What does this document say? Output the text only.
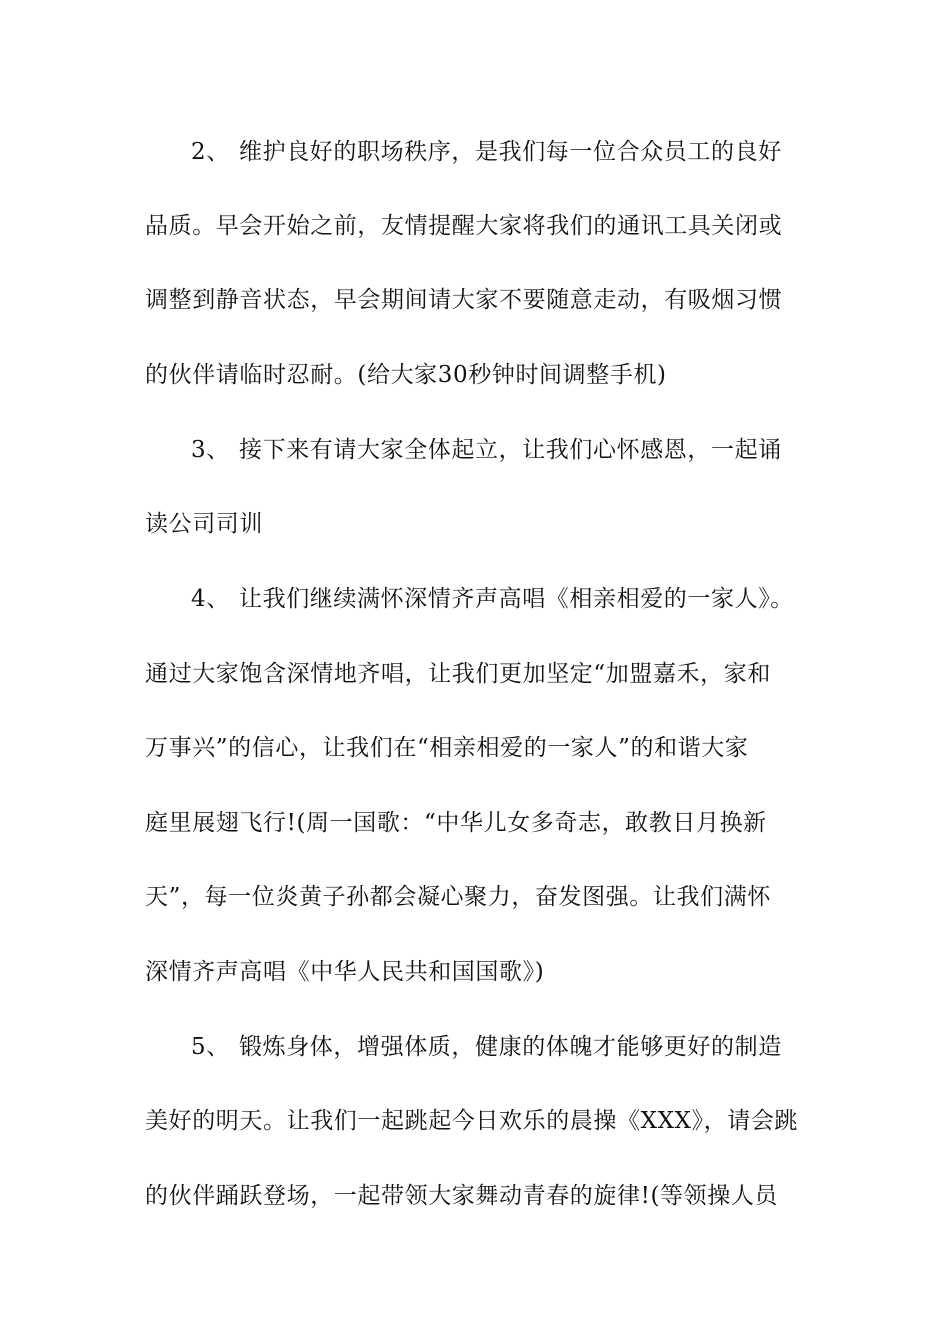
2、 维护良好的职场秩序，是我们每一位合众员工的良好

品质。早会开始之前，友情提醒大家将我们的通讯工具关闭或

调整到静音状态，早会期间请大家不要随意走动，有吸烟习惯

的伙伴请临时忍耐。(给大家30秒钟时间调整手机)

3、 接下来有请大家全体起立，让我们心怀感恩，一起诵

读公司司训

4、 让我们继续满怀深情齐声高唱《相亲相爱的一家人》。

通过大家饱含深情地齐唱，让我们更加坚定“加盟嘉禾，家和

万事兴”的信心，让我们在“相亲相爱的一家人”的和谐大家

庭里展翅飞行!(周一国歌：“中华儿女多奇志，敢教日月换新

天”，每一位炎黄子孙都会凝心聚力，奋发图强。让我们满怀

深情齐声高唱《中华人民共和国国歌》)

5、 锻炼身体，增强体质，健康的体魄才能够更好的制造

美好的明天。让我们一起跳起今日欢乐的晨操《XXX》，请会跳

的伙伴踊跃登场，一起带领大家舞动青春的旋律!(等领操人员
